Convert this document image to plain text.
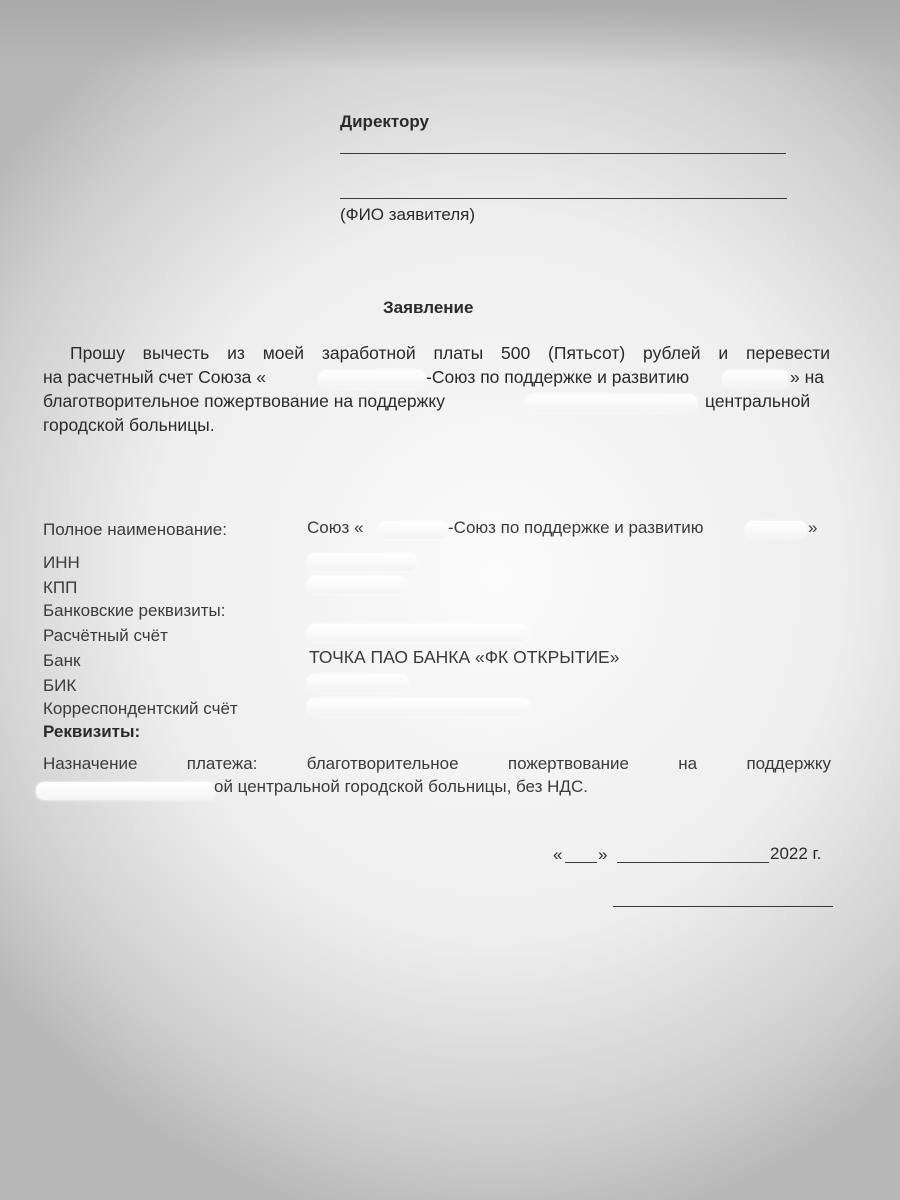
Директору
(ФИО заявителя)
Заявление
Прошу вычесть из моей заработной платы 500 (Пятьсот) рублей и перевести
на расчетный счет Союза «	-Союз по поддержке и развитию	» на
благотворительное пожертвование на поддержку	центральной
городской больницы.
Полное наименование:	Союз «	-Союз по поддержке и развитию	»
ИНН
КПП
Банковские реквизиты:
Расчётный счёт
Банк	ТОЧКА ПАО БАНКА «ФК ОТКРЫТИЕ»
БИК
Корреспондентский счёт
Реквизиты:
Назначение	платежа:	благотворительное	пожертвование	на	поддержку
ой центральной городской больницы, без НДС.
« »	2022 г.
